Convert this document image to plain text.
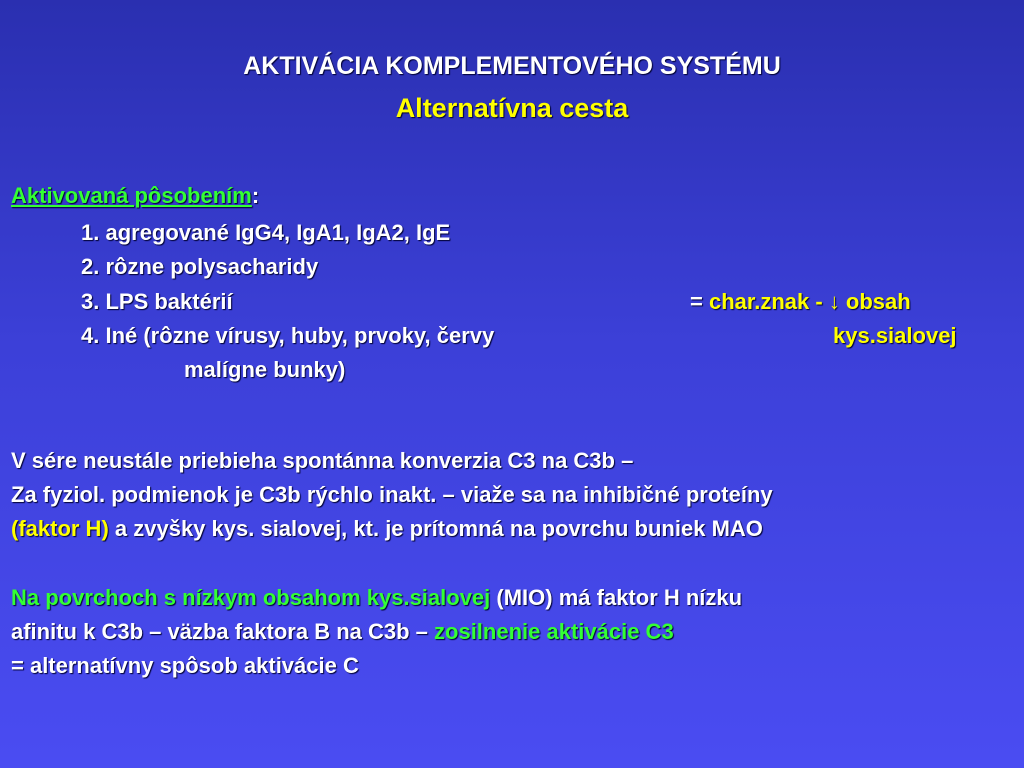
AKTIVÁCIA KOMPLEMENTOVÉHO SYSTÉMU
Alternatívna cesta
Aktivovaná pôsobením:
1. agregované IgG4, IgA1, IgA2, IgE
2. rôzne polysacharidy
3. LPS baktérií
4. Iné (rôzne vírusy, huby, prvoky, červy
malígne bunky)
= char.znak - ↓ obsah
kys.sialovej
V sére neustále priebieha spontánna konverzia C3 na C3b –
Za fyziol. podmienok je C3b rýchlo inakt. – viaže sa na inhibičné proteíny
(faktor H) a zvyšky kys. sialovej, kt. je prítomná na povrchu buniek MAO
Na povrchoch s nízkym obsahom kys.sialovej (MIO) má faktor H nízku
afinitu k C3b – väzba faktora B na C3b – zosilnenie aktivácie C3
= alternatívny spôsob aktivácie C
